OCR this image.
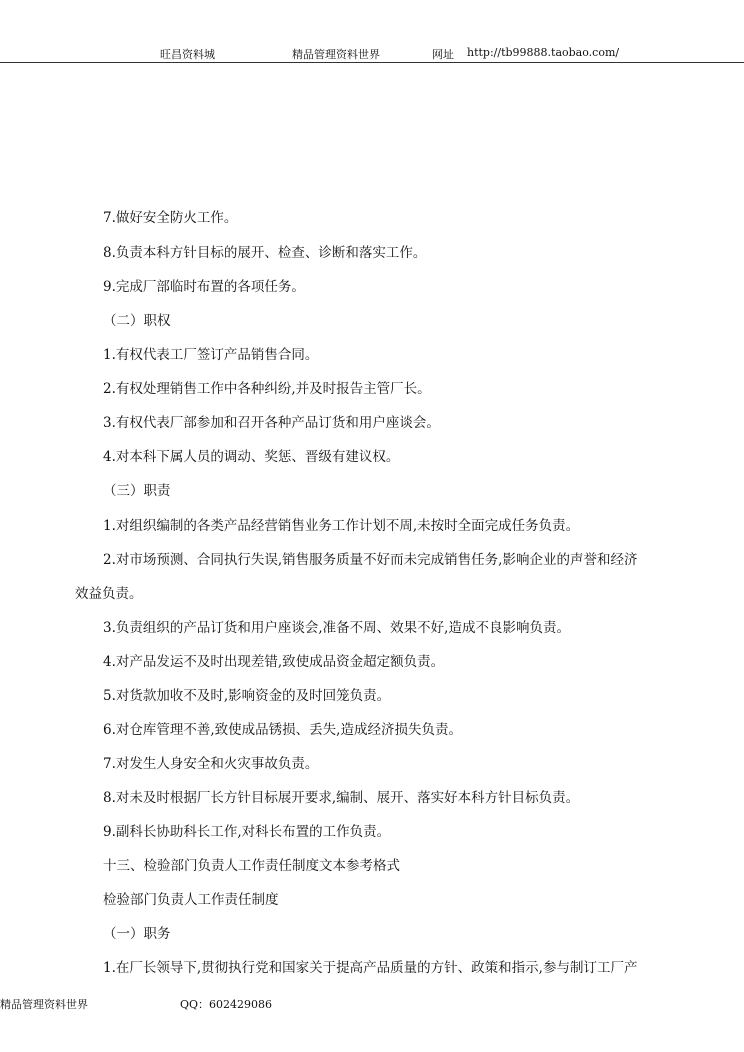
旺昌资料城	精品管理资料世界	网址 http://tb99888.taobao.com/
7.做好安全防火工作。
8.负责本科方针目标的展开、检查、诊断和落实工作。
9.完成厂部临时布置的各项任务。
（二）职权
1.有权代表工厂签订产品销售合同。
2.有权处理销售工作中各种纠纷,并及时报告主管厂长。
3.有权代表厂部参加和召开各种产品订货和用户座谈会。
4.对本科下属人员的调动、奖惩、晋级有建议权。
（三）职责
1.对组织编制的各类产品经营销售业务工作计划不周,未按时全面完成任务负责。
2.对市场预测、合同执行失误,销售服务质量不好而未完成销售任务,影响企业的声誉和经济
效益负责。
3.负责组织的产品订货和用户座谈会,准备不周、效果不好,造成不良影响负责。
4.对产品发运不及时出现差错,致使成品资金超定额负责。
5.对货款加收不及时,影响资金的及时回笼负责。
6.对仓库管理不善,致使成品锈损、丢失,造成经济损失负责。
7.对发生人身安全和火灾事故负责。
8.对未及时根据厂长方针目标展开要求,编制、展开、落实好本科方针目标负责。
9.副科长协助科长工作,对科长布置的工作负责。
十三、检验部门负责人工作责任制度文本参考格式
检验部门负责人工作责任制度
（一）职务
1.在厂长领导下,贯彻执行党和国家关于提高产品质量的方针、政策和指示,参与制订工厂产
精品管理资料世界	QQ：602429086
